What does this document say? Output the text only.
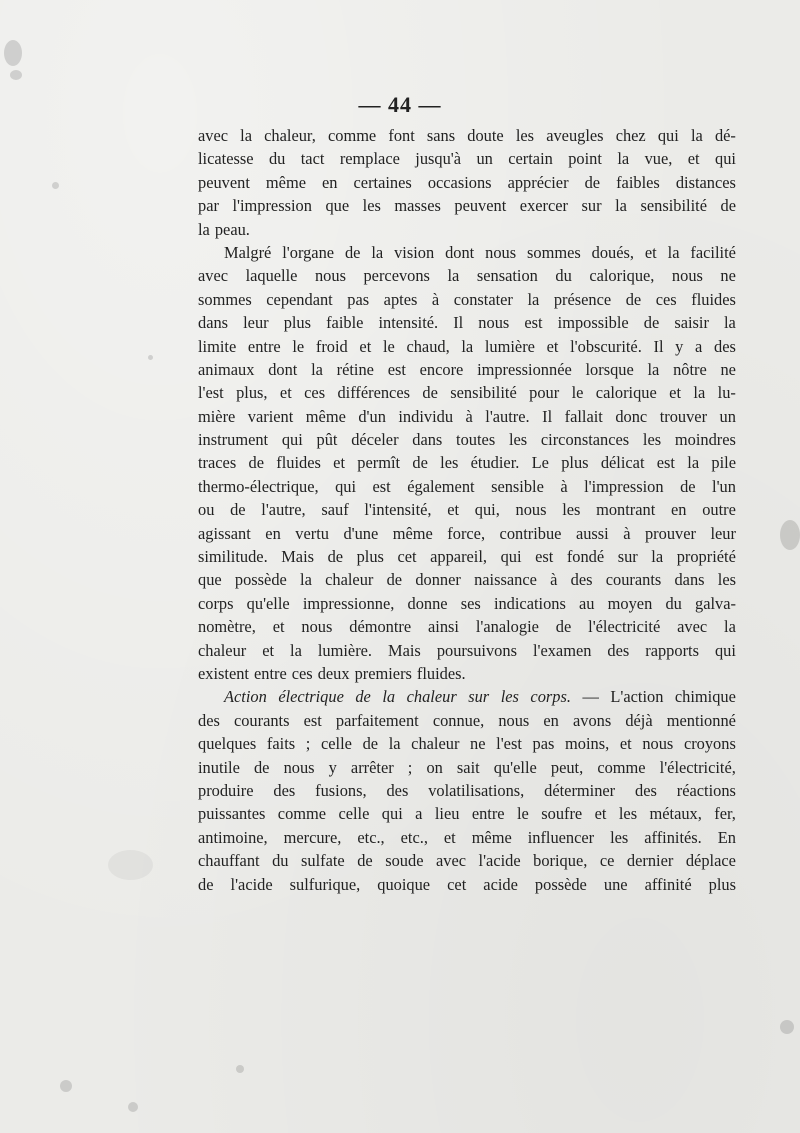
— 44 —
avec la chaleur, comme font sans doute les aveugles chez qui la dé-
licatesse du tact remplace jusqu'à un certain point la vue, et qui
peuvent même en certaines occasions apprécier de faibles distances
par l'impression que les masses peuvent exercer sur la sensibilité de
la peau.
Malgré l'organe de la vision dont nous sommes doués, et la facilité
avec laquelle nous percevons la sensation du calorique, nous ne
sommes cependant pas aptes à constater la présence de ces fluides
dans leur plus faible intensité. Il nous est impossible de saisir la
limite entre le froid et le chaud, la lumière et l'obscurité. Il y a des
animaux dont la rétine est encore impressionnée lorsque la nôtre ne
l'est plus, et ces différences de sensibilité pour le calorique et la lu-
mière varient même d'un individu à l'autre. Il fallait donc trouver un
instrument qui pût déceler dans toutes les circonstances les moindres
traces de fluides et permît de les étudier. Le plus délicat est la pile
thermo-électrique, qui est également sensible à l'impression de l'un
ou de l'autre, sauf l'intensité, et qui, nous les montrant en outre
agissant en vertu d'une même force, contribue aussi à prouver leur
similitude. Mais de plus cet appareil, qui est fondé sur la propriété
que possède la chaleur de donner naissance à des courants dans les
corps qu'elle impressionne, donne ses indications au moyen du galva-
nomètre, et nous démontre ainsi l'analogie de l'électricité avec la
chaleur et la lumière. Mais poursuivons l'examen des rapports qui
existent entre ces deux premiers fluides.
Action électrique de la chaleur sur les corps. — L'action chimique
des courants est parfaitement connue, nous en avons déjà mentionné
quelques faits ; celle de la chaleur ne l'est pas moins, et nous croyons
inutile de nous y arrêter ; on sait qu'elle peut, comme l'électricité,
produire des fusions, des volatilisations, déterminer des réactions
puissantes comme celle qui a lieu entre le soufre et les métaux, fer,
antimoine, mercure, etc., etc., et même influencer les affinités. En
chauffant du sulfate de soude avec l'acide borique, ce dernier déplace
de l'acide sulfurique, quoique cet acide possède une affinité plus
